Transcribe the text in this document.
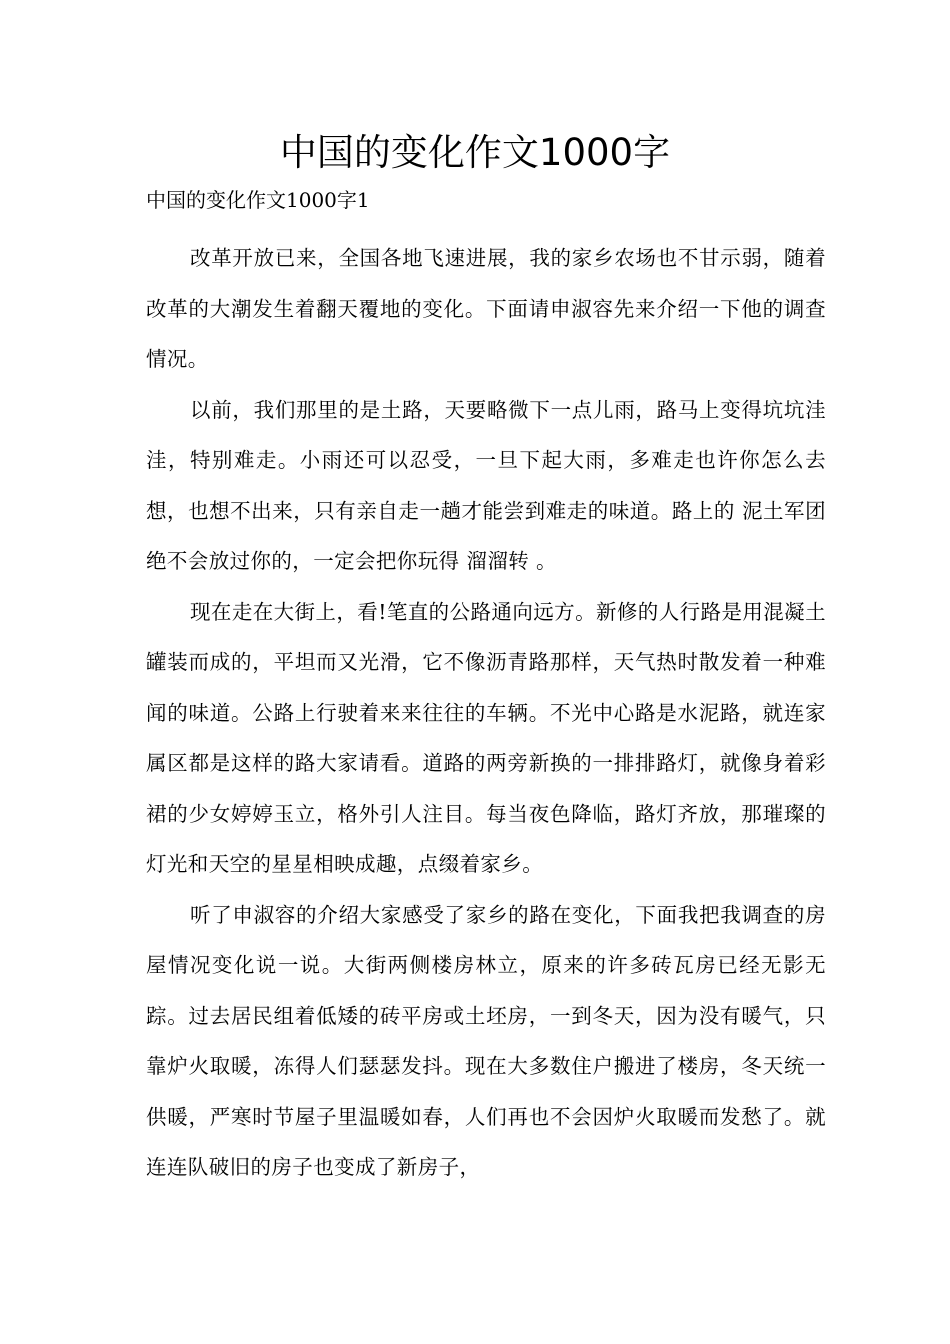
中国的变化作文1000字

中国的变化作文1000字1

改革开放已来，全国各地飞速进展，我的家乡农场也不甘示弱，随着改革的大潮发生着翻天覆地的变化。下面请申淑容先来介绍一下他的调查情况。

以前，我们那里的是土路，天要略微下一点儿雨，路马上变得坑坑洼洼，特别难走。小雨还可以忍受，一旦下起大雨，多难走也许你怎么去想，也想不出来，只有亲自走一趟才能尝到难走的味道。路上的 泥土军团 绝不会放过你的，一定会把你玩得 溜溜转 。

现在走在大街上，看!笔直的公路通向远方。新修的人行路是用混凝土罐装而成的，平坦而又光滑，它不像沥青路那样，天气热时散发着一种难闻的味道。公路上行驶着来来往往的车辆。不光中心路是水泥路，就连家属区都是这样的路大家请看。道路的两旁新换的一排排路灯，就像身着彩裙的少女婷婷玉立，格外引人注目。每当夜色降临，路灯齐放，那璀璨的灯光和天空的星星相映成趣，点缀着家乡。

听了申淑容的介绍大家感受了家乡的路在变化，下面我把我调查的房屋情况变化说一说。大街两侧楼房林立，原来的许多砖瓦房已经无影无踪。过去居民组着低矮的砖平房或土坯房，一到冬天，因为没有暖气，只靠炉火取暖，冻得人们瑟瑟发抖。现在大多数住户搬进了楼房，冬天统一供暖，严寒时节屋子里温暖如春，人们再也不会因炉火取暖而发愁了。就连连队破旧的房子也变成了新房子，
